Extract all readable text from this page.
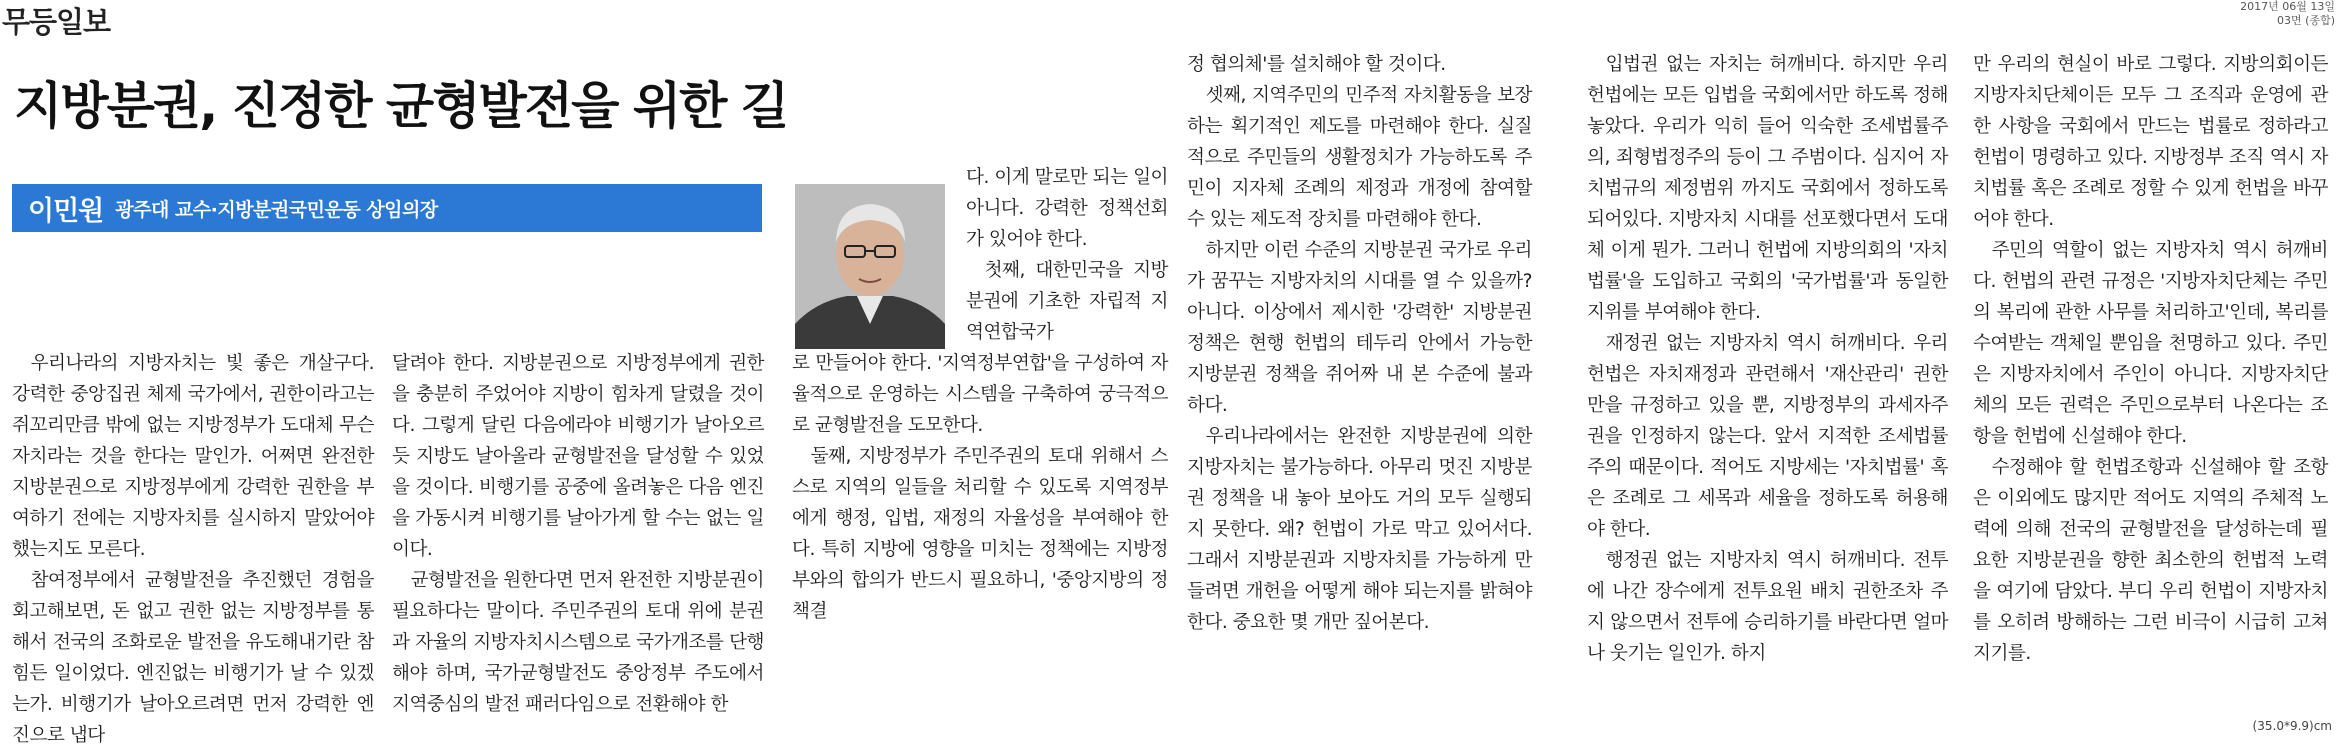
무등일보	2017년 06월 13일
03면 (종합)
지방분권, 진정한 균형발전을 위한 길
이민원 광주대 교수·지방분권국민운동 상임의장

우리나라의 지방자치는 빛 좋은 개살구다. 강력한 중앙집권 체제 국가에서, 권한이라고는 쥐꼬리만큼 밖에 없는 지방정부가 도대체 무슨 자치라는 것을 한다는 말인가. 어쩌면 완전한 지방분권으로 지방정부에게 강력한 권한을 부여하기 전에는 지방자치를 실시하지 말았어야 했는지도 모른다.

참여정부에서 균형발전을 추진했던 경험을 회고해보면, 돈 없고 권한 없는 지방정부를 통해서 전국의 조화로운 발전을 유도해내기란 참 힘든 일이었다. 엔진없는 비행기가 날 수 있겠는가. 비행기가 날아오르려면 먼저 강력한 엔진으로 냅다

달려야 한다. 지방분권으로 지방정부에게 권한을 충분히 주었어야 지방이 힘차게 달렸을 것이다. 그렇게 달린 다음에라야 비행기가 날아오르듯 지방도 날아올라 균형발전을 달성할 수 있었을 것이다. 비행기를 공중에 올려놓은 다음 엔진을 가동시켜 비행기를 날아가게 할 수는 없는 일이다.

균형발전을 원한다면 먼저 완전한 지방분권이 필요하다는 말이다. 주민주권의 토대 위에 분권과 자율의 지방자치시스템으로 국가개조를 단행해야 하며, 국가균형발전도 중앙정부 주도에서 지역중심의 발전 패러다임으로 전환해야 한

다. 이게 말로만 되는 일이 아니다. 강력한 정책선회가 있어야 한다.

첫째, 대한민국을 지방분권에 기초한 자립적 지역연합국가

로 만들어야 한다. '지역정부연합'을 구성하여 자율적으로 운영하는 시스템을 구축하여 궁극적으로 균형발전을 도모한다.

둘째, 지방정부가 주민주권의 토대 위해서 스스로 지역의 일들을 처리할 수 있도록 지역정부에게 행정, 입법, 재정의 자율성을 부여해야 한다. 특히 지방에 영향을 미치는 정책에는 지방정부와의 합의가 반드시 필요하니, '중앙지방의 정책결

정 협의체'를 설치해야 할 것이다.

셋째, 지역주민의 민주적 자치활동을 보장하는 획기적인 제도를 마련해야 한다. 실질적으로 주민들의 생활정치가 가능하도록 주민이 지자체 조례의 제정과 개정에 참여할 수 있는 제도적 장치를 마련해야 한다.

하지만 이런 수준의 지방분권 국가로 우리가 꿈꾸는 지방자치의 시대를 열 수 있을까? 아니다. 이상에서 제시한 '강력한' 지방분권 정책은 현행 헌법의 테두리 안에서 가능한 지방분권 정책을 쥐어짜 내 본 수준에 불과하다.

우리나라에서는 완전한 지방분권에 의한 지방자치는 불가능하다. 아무리 멋진 지방분권 정책을 내 놓아 보아도 거의 모두 실행되지 못한다. 왜? 헌법이 가로 막고 있어서다. 그래서 지방분권과 지방자치를 가능하게 만들려면 개헌을 어떻게 해야 되는지를 밝혀야 한다. 중요한 몇 개만 짚어본다.

입법권 없는 자치는 허깨비다. 하지만 우리 헌법에는 모든 입법을 국회에서만 하도록 정해 놓았다. 우리가 익히 들어 익숙한 조세법률주의, 죄형법정주의 등이 그 주범이다. 심지어 자치법규의 제정범위 까지도 국회에서 정하도록 되어있다. 지방자치 시대를 선포했다면서 도대체 이게 뭔가. 그러니 헌법에 지방의회의 '자치법률'을 도입하고 국회의 '국가법률'과 동일한 지위를 부여해야 한다.

재정권 없는 지방자치 역시 허깨비다. 우리 헌법은 자치재정과 관련해서 '재산관리' 권한만을 규정하고 있을 뿐, 지방정부의 과세자주권을 인정하지 않는다. 앞서 지적한 조세법률주의 때문이다. 적어도 지방세는 '자치법률' 혹은 조례로 그 세목과 세율을 정하도록 허용해야 한다.

행정권 없는 지방자치 역시 허깨비다. 전투에 나간 장수에게 전투요원 배치 권한조차 주지 않으면서 전투에 승리하기를 바란다면 얼마나 웃기는 일인가. 하지

만 우리의 현실이 바로 그렇다. 지방의회이든 지방자치단체이든 모두 그 조직과 운영에 관한 사항을 국회에서 만드는 법률로 정하라고 헌법이 명령하고 있다. 지방정부 조직 역시 자치법률 혹은 조례로 정할 수 있게 헌법을 바꾸어야 한다.

주민의 역할이 없는 지방자치 역시 허깨비다. 헌법의 관련 규정은 '지방자치단체는 주민의 복리에 관한 사무를 처리하고'인데, 복리를 수여받는 객체일 뿐임을 천명하고 있다. 주민은 지방자치에서 주인이 아니다. 지방자치단체의 모든 권력은 주민으로부터 나온다는 조항을 헌법에 신설해야 한다.

수정해야 할 헌법조항과 신설해야 할 조항은 이외에도 많지만 적어도 지역의 주체적 노력에 의해 전국의 균형발전을 달성하는데 필요한 지방분권을 향한 최소한의 헌법적 노력을 여기에 담았다. 부디 우리 헌법이 지방자치를 오히려 방해하는 그런 비극이 시급히 고쳐지기를.

(35.0*9.9)cm
